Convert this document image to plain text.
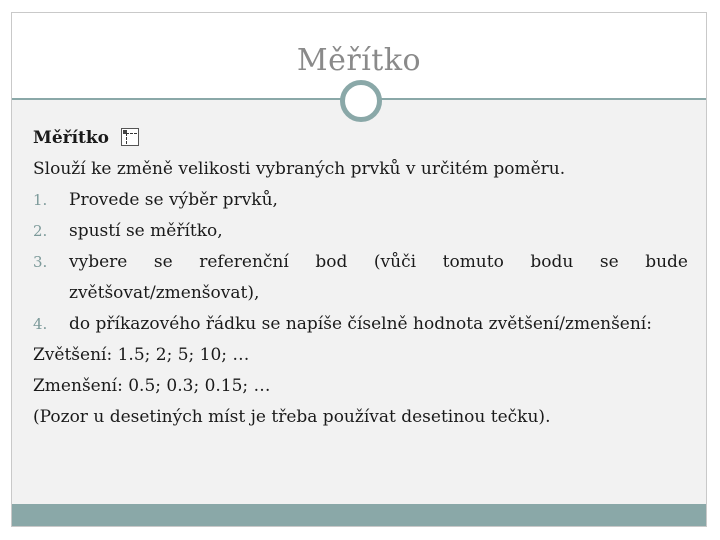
Měřítko
Měřítko
Slouží ke změně velikosti vybraných prvků v určitém poměru.
1.	Provede se výběr prvků,
2.	spustí se měřítko,
3.	vybere se referenční bod (vůči tomuto bodu se bude
zvětšovat/zmenšovat),
4.	do příkazového řádku se napíše číselně hodnota zvětšení/zmenšení:
Zvětšení: 1.5; 2; 5; 10; …
Zmenšení: 0.5; 0.3; 0.15; …
(Pozor u desetiných míst je třeba používat desetinou tečku).
